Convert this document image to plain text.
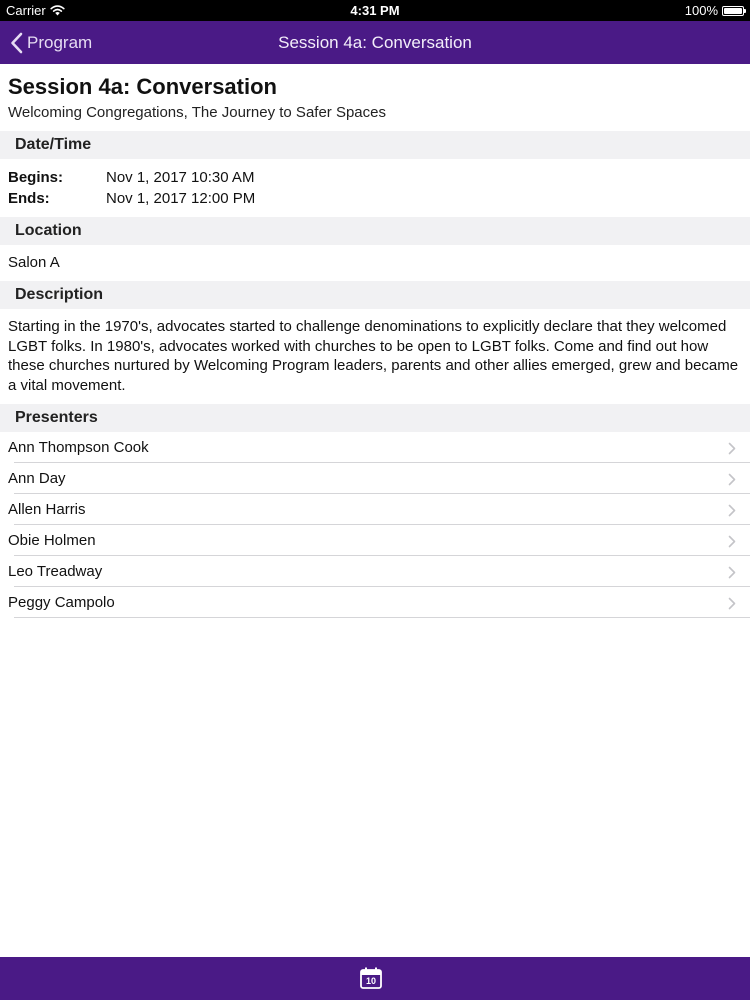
Carrier	4:31 PM	100%
Program	Session 4a: Conversation
Session 4a: Conversation
Welcoming Congregations, The Journey to Safer Spaces
Date/Time
Begins:	Nov 1, 2017 10:30 AM
Ends:	Nov 1, 2017 12:00 PM
Location
Salon A
Description
Starting in the 1970's, advocates started to challenge denominations to explicitly declare that they welcomed LGBT folks. In 1980's, advocates worked with churches to be open to LGBT folks. Come and find out how these churches nurtured by Welcoming Program leaders, parents and other allies emerged, grew and became a vital movement.
Presenters
Ann Thompson Cook
Ann Day
Allen Harris
Obie Holmen
Leo Treadway
Peggy Campolo
10
